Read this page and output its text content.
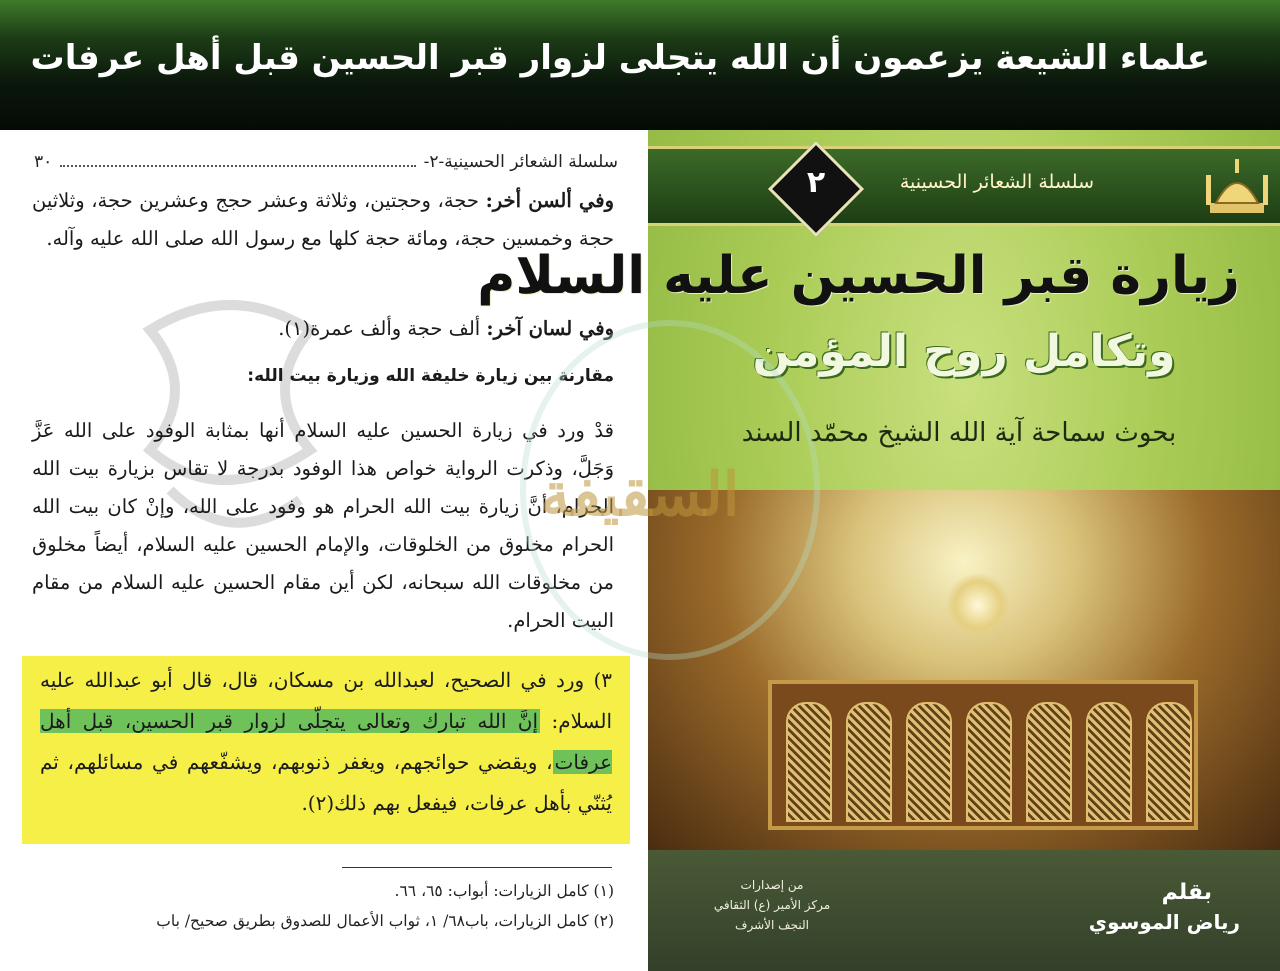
علماء الشيعة يزعمون أن الله يتجلى لزوار قبر الحسين قبل أهل عرفات
سلسلة الشعائر الحسينية-٢-
٣٠
وفي ألسن أخر: حجة، وحجتين، وثلاثة وعشر حجج وعشرين حجة، وثلاثين حجة وخمسين حجة، ومائة حجة كلها مع رسول الله صلى الله عليه وآله.
وفي لسان آخر: ألف حجة وألف عمرة(١).
مقارنة بين زيارة خليفة الله وزيارة بيت الله:
قدْ ورد في زيارة الحسين عليه السلام أنها بمثابة الوفود على الله عَزَّ وَجَلَّ، وذكرت الرواية خواص هذا الوفود بدرجة لا تقاس بزيارة بيت الله الحرام، أنَّ زيارة بيت الله الحرام هو وفود على الله، وإنْ كان بيت الله الحرام مخلوق من الخلوقات، والإمام الحسين عليه السلام، أيضاً مخلوق من مخلوقات الله سبحانه، لكن أين مقام الحسين عليه السلام من مقام البيت الحرام.
٣) ورد في الصحيح، لعبدالله بن مسكان، قال، قال أبو عبدالله عليه السلام: إنَّ الله تبارك وتعالى يتجلّى لزوار قبر الحسين، قبل أهل عرفات، ويقضي حوائجهم، ويغفر ذنوبهم، ويشفّعهم في مسائلهم، ثم يُثنّي بأهل عرفات، فيفعل بهم ذلك(٢).
(١) كامل الزيارات: أبواب: ٦٥، ٦٦.
(٢) كامل الزيارات، باب٦٨/ ١، ثواب الأعمال للصدوق بطريق صحيح/ باب
سلسلة الشعائر الحسينية
٢
زيارة قبر الحسين عليه السلام
وتكامل روح المؤمن
بحوث سماحة آية الله الشيخ محمّد السند
بقلم
رياض الموسوي
من إصدارات
مركز الأمير (ع) الثقافي
النجف الأشرف
السقيفة
